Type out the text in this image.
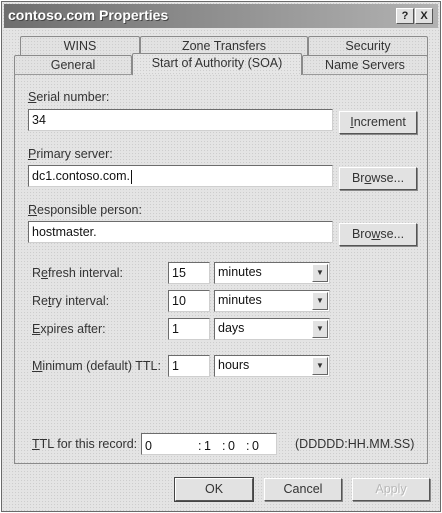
contoso.com Properties	?	X
WINS	Zone Transfers	Security
General	Start of Authority (SOA)	Name Servers
Serial number:
34	Increment
Primary server:
dc1.contoso.com.	Browse...
Responsible person:
hostmaster.	Browse...
Refresh interval:	15	minutes	▼
Retry interval:	10	minutes	▼
Expires after:	1	days	▼
Minimum (default) TTL: 1	hours	▼
TTL for this record: 0	: 1 : 0 : 0	(DDDDD:HH.MM.SS)
OK	Cancel	Apply
